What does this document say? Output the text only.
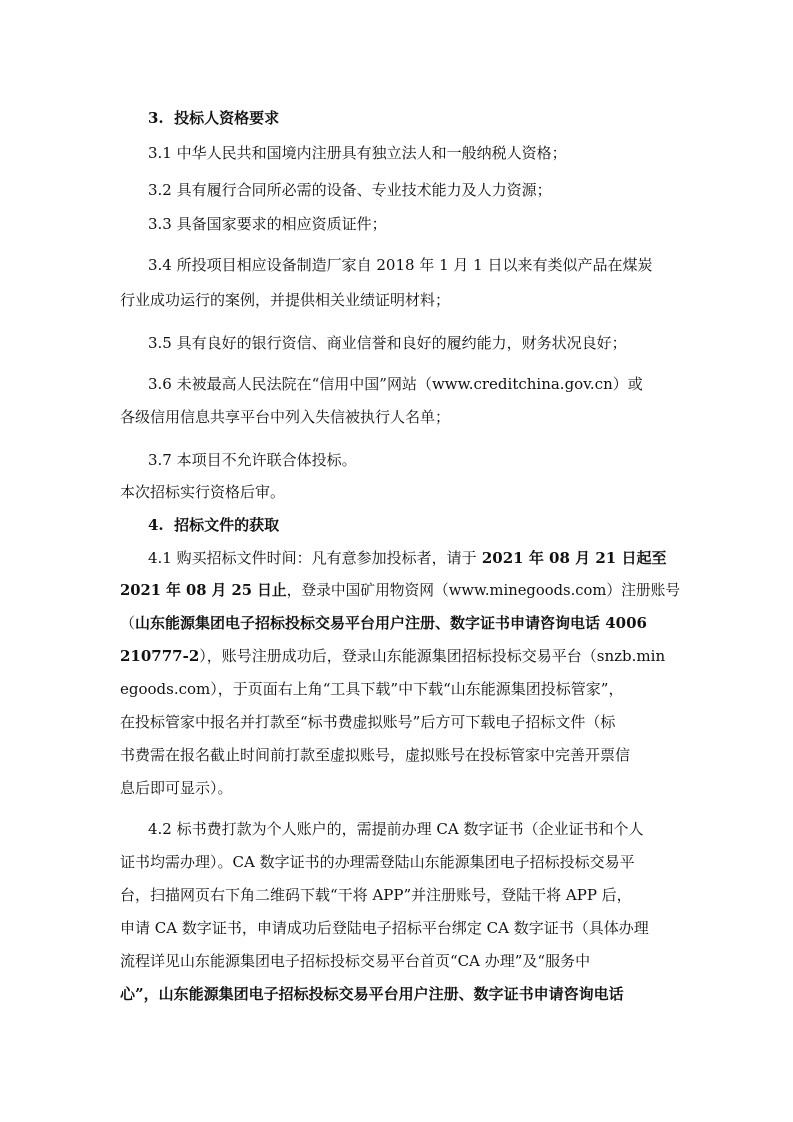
3.  投标人资格要求
3.1 中华人民共和国境内注册具有独立法人和一般纳税人资格；
3.2 具有履行合同所必需的设备、专业技术能力及人力资源；
3.3 具备国家要求的相应资质证件；
3.4 所投项目相应设备制造厂家自 2018 年 1 月 1 日以来有类似产品在煤炭
行业成功运行的案例，并提供相关业绩证明材料；
3.5 具有良好的银行资信、商业信誉和良好的履约能力，财务状况良好；
3.6 未被最高人民法院在“信用中国”网站（www.creditchina.gov.cn）或
各级信用信息共享平台中列入失信被执行人名单；
3.7 本项目不允许联合体投标。
本次招标实行资格后审。
4.  招标文件的获取
4.1 购买招标文件时间：凡有意参加投标者，请于 2021 年 08 月 21 日起至
2021 年 08 月 25 日止，登录中国矿用物资网（www.minegoods.com）注册账号
（山东能源集团电子招标投标交易平台用户注册、数字证书申请咨询电话 4006
210777-2），账号注册成功后，登录山东能源集团招标投标交易平台（snzb.min
egoods.com），于页面右上角“工具下载”中下载“山东能源集团投标管家”，
在投标管家中报名并打款至“标书费虚拟账号”后方可下载电子招标文件（标
书费需在报名截止时间前打款至虚拟账号，虚拟账号在投标管家中完善开票信
息后即可显示）。
4.2 标书费打款为个人账户的，需提前办理 CA 数字证书（企业证书和个人
证书均需办理）。CA 数字证书的办理需登陆山东能源集团电子招标投标交易平
台，扫描网页右下角二维码下载“干将 APP”并注册账号，登陆干将 APP 后，
申请 CA 数字证书，申请成功后登陆电子招标平台绑定 CA 数字证书（具体办理
流程详见山东能源集团电子招标投标交易平台首页“CA 办理”及“服务中
心”，山东能源集团电子招标投标交易平台用户注册、数字证书申请咨询电话
